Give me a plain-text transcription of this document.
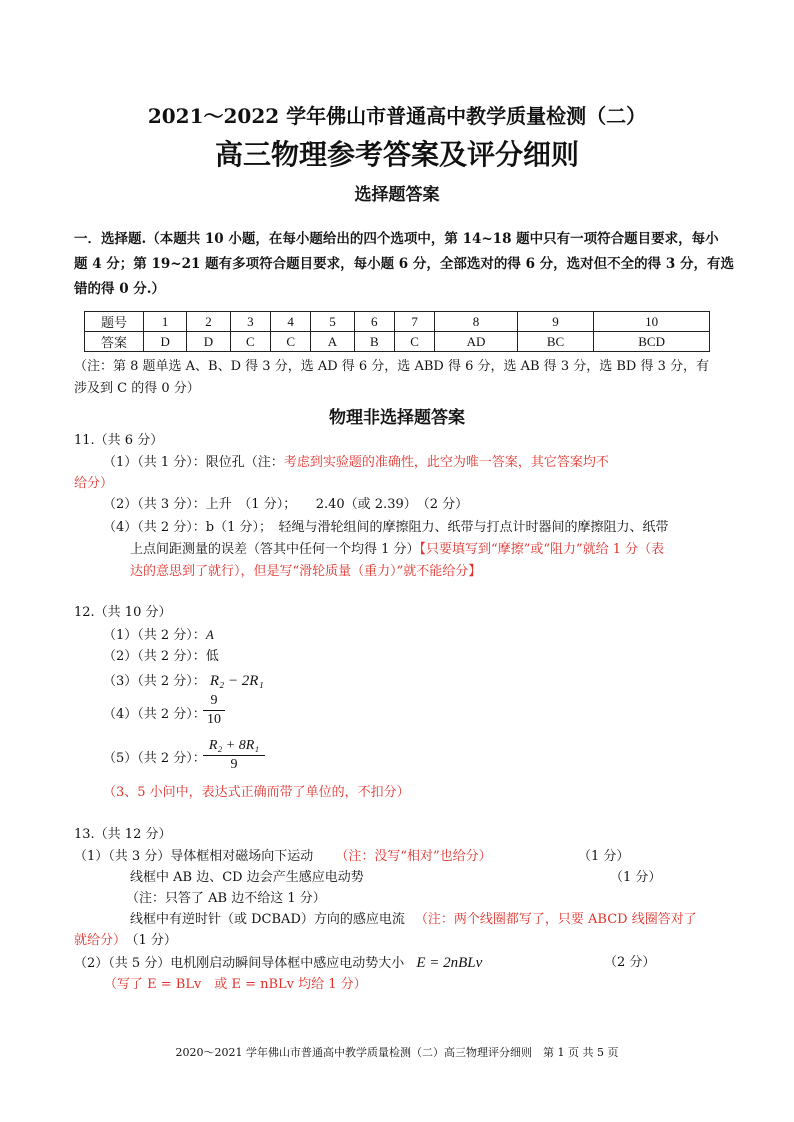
2021～2022 学年佛山市普通高中教学质量检测（二）
高三物理参考答案及评分细则
选择题答案
一．选择题.（本题共 10 小题，在每小题给出的四个选项中，第 14~18 题中只有一项符合题目要求，每小
题 4 分；第 19~21 题有多项符合题目要求，每小题 6 分，全部选对的得 6 分，选对但不全的得 3 分，有选
错的得 0 分.）
题号	1	2	3	4	5	6	7	8	9	10
答案	D	D	C	C	A	B	C	AD	BC	BCD
（注：第 8 题单选 A、B、D 得 3 分，选 AD 得 6 分，选 ABD 得 6 分，选 AB 得 3 分，选 BD 得 3 分，有
涉及到 C 的得 0 分）
物理非选择题答案
11.（共 6 分）
（1）（共 1 分）：限位孔（注：考虑到实验题的准确性，此空为唯一答案，其它答案均不
给分）
（2）（共 3 分）：上升　（1 分）；　　2.40（或 2.39）　（2 分）
（4）（共 2 分）：b（1 分）；　轻绳与滑轮组间的摩擦阻力、纸带与打点计时器间的摩擦阻力、纸带
上点间距测量的误差（答其中任何一个均得 1 分）【只要填写到“摩擦”或“阻力”就给 1 分（表
达的意思到了就行），但是写“滑轮质量（重力）”就不能给分】
12.（共 10 分）
（1）（共 2 分）：A
（2）（共 2 分）：低
（3）（共 2 分）： R₂ − 2R₁
（4）（共 2 分）：
$\frac{9}{10}$
（5）（共 2 分）：
$\frac{\text{R₂ + 8R₁}}{9}$
（3、5 小问中，表达式正确而带了单位的，不扣分）
13.（共 12 分）
（1）（共 3 分）导体框相对磁场向下运动 （注：没写“相对”也给分）	（1 分）
线框中 AB 边、CD 边会产生感应电动势	（1 分）
（注：只答了 AB 边不给这 1 分）
线框中有逆时针（或 DCBAD）方向的感应电流 （注：两个线圈都写了，只要 ABCD 线圈答对了
就给分） （1 分）
（2）（共 5 分）电机刚启动瞬间导体框中感应电动势大小 E = 2nBLv	（2 分）
（写了 E = BLv　或 E = nBLv 均给 1 分）
2020～2021 学年佛山市普通高中教学质量检测（二）高三物理评分细则　第 1 页 共 5 页
